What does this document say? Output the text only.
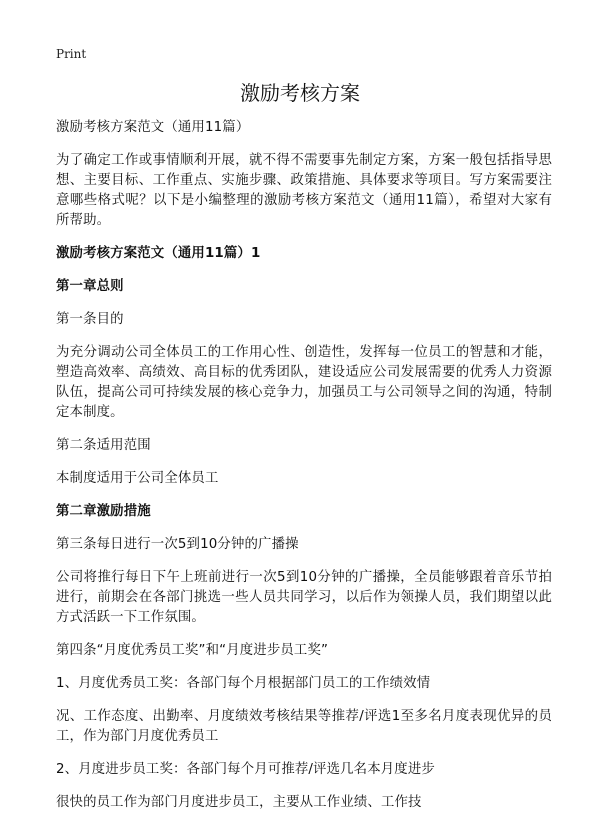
Print
激励考核方案

激励考核方案范文（通用11篇）

为了确定工作或事情顺利开展，就不得不需要事先制定方案，方案一般包括指导思想、主要目标、工作重点、实施步骤、政策措施、具体要求等项目。写方案需要注意哪些格式呢？以下是小编整理的激励考核方案范文（通用11篇），希望对大家有所帮助。

激励考核方案范文（通用11篇）1

第一章总则

第一条目的

为充分调动公司全体员工的工作用心性、创造性，发挥每一位员工的智慧和才能，塑造高效率、高绩效、高目标的优秀团队，建设适应公司发展需要的优秀人力资源队伍，提高公司可持续发展的核心竞争力，加强员工与公司领导之间的沟通，特制定本制度。

第二条适用范围

本制度适用于公司全体员工

第二章激励措施

第三条每日进行一次5到10分钟的广播操

公司将推行每日下午上班前进行一次5到10分钟的广播操，全员能够跟着音乐节拍进行，前期会在各部门挑选一些人员共同学习，以后作为领操人员，我们期望以此方式活跃一下工作氛围。

第四条“月度优秀员工奖”和“月度进步员工奖”

1、月度优秀员工奖：各部门每个月根据部门员工的工作绩效情

况、工作态度、出勤率、月度绩效考核结果等推荐/评选1至多名月度表现优异的员工，作为部门月度优秀员工

2、月度进步员工奖：各部门每个月可推荐/评选几名本月度进步

很快的员工作为部门月度进步员工，主要从工作业绩、工作技
